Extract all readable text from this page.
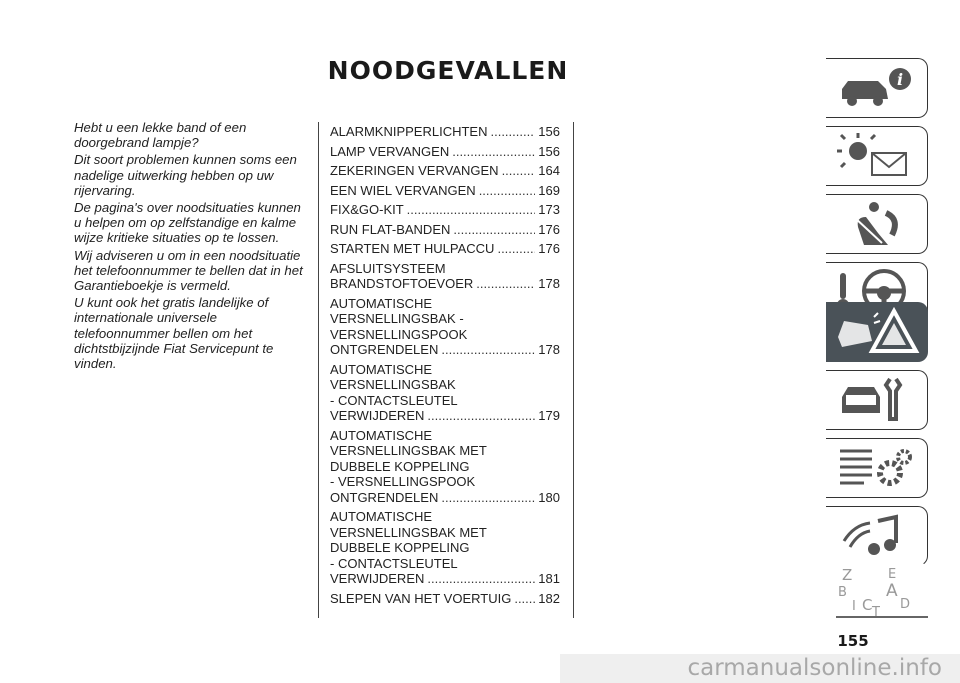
NOODGEVALLEN

Hebt u een lekke band of een doorgebrand lampje?

Dit soort problemen kunnen soms een nadelige uitwerking hebben op uw rijervaring.

De pagina's over noodsituaties kunnen u helpen om op zelfstandige en kalme wijze kritieke situaties op te lossen.

Wij adviseren u om in een noodsituatie het telefoonnummer te bellen dat in het Garantieboekje is vermeld.

U kunt ook het gratis landelijke of internationale universele telefoonnummer bellen om het dichtstbijzijnde Fiat Servicepunt te vinden.

ALARMKNIPPERLICHTEN .....	156
LAMP VERVANGEN .....	156
ZEKERINGEN VERVANGEN .....	164
EEN WIEL VERVANGEN .....	169
FIX&GO-KIT .....	173
RUN FLAT-BANDEN .....	176
STARTEN MET HULPACCU .....	176
AFSLUITSYSTEEM
BRANDSTOFTOEVOER .....	178
AUTOMATISCHE
VERSNELLINGSBAK -
VERSNELLINGSPOOK
ONTGRENDELEN .....	178
AUTOMATISCHE
VERSNELLINGSBAK
- CONTACTSLEUTEL
VERWIJDEREN .....	179
AUTOMATISCHE
VERSNELLINGSBAK MET
DUBBELE KOPPELING
- VERSNELLINGSPOOK
ONTGRENDELEN .....	180
AUTOMATISCHE
VERSNELLINGSBAK MET
DUBBELE KOPPELING
- CONTACTSLEUTEL
VERWIJDEREN .....	181
SLEPEN VAN HET VOERTUIG ..... 182
i
Z	E
B A
I C D
T
155
carmanualsonline.info
